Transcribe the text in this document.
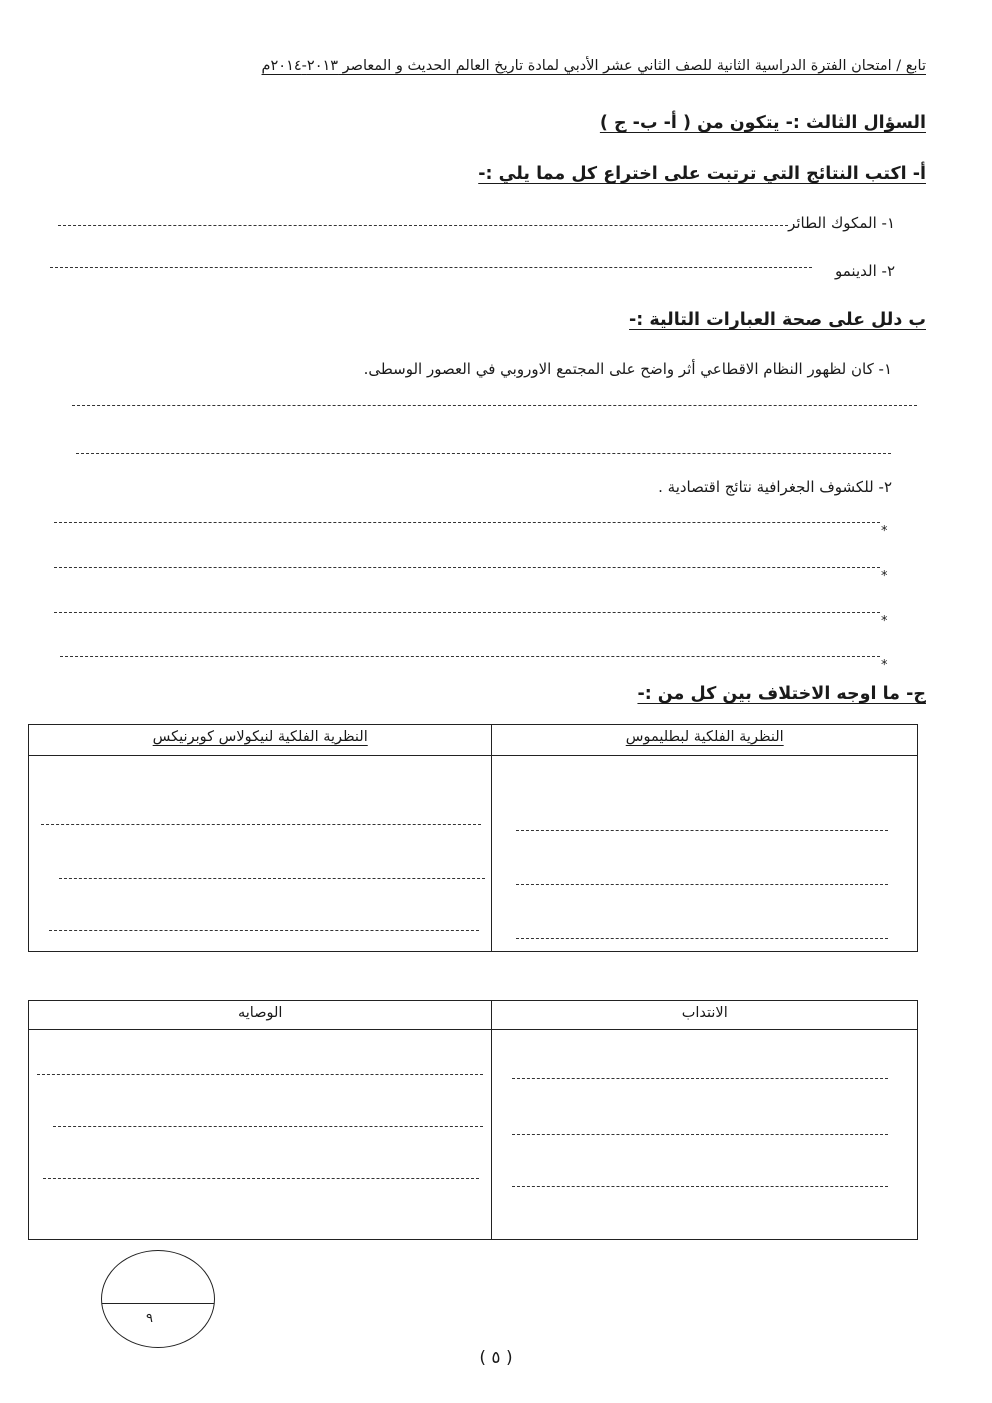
تابع / امتحان الفترة الدراسية الثانية للصف الثاني عشر الأدبي لمادة تاريخ العالم الحديث و المعاصر ٢٠١٣-٢٠١٤م
السؤال الثالث :- يتكون من ( أ- ب- ج )
أ- اكتب النتائج التي ترتبت على اختراع كل مما يلي :-
١- المكوك الطائر
٢- الدينمو
ب دلل على صحة العبارات التالية :-
١- كان لظهور النظام الاقطاعي أثر واضح على المجتمع الاوروبي في العصور الوسطى.
٢- للكشوف الجغرافية نتائج اقتصادية .
*
*
*
*
ج- ما اوجه الاختلاف بين كل من :-
النظرية الفلكية لبطليموس	النظرية الفلكية لنيكولاس كوبرنيكس

الانتداب	الوصايه

٩
( ٥ )
